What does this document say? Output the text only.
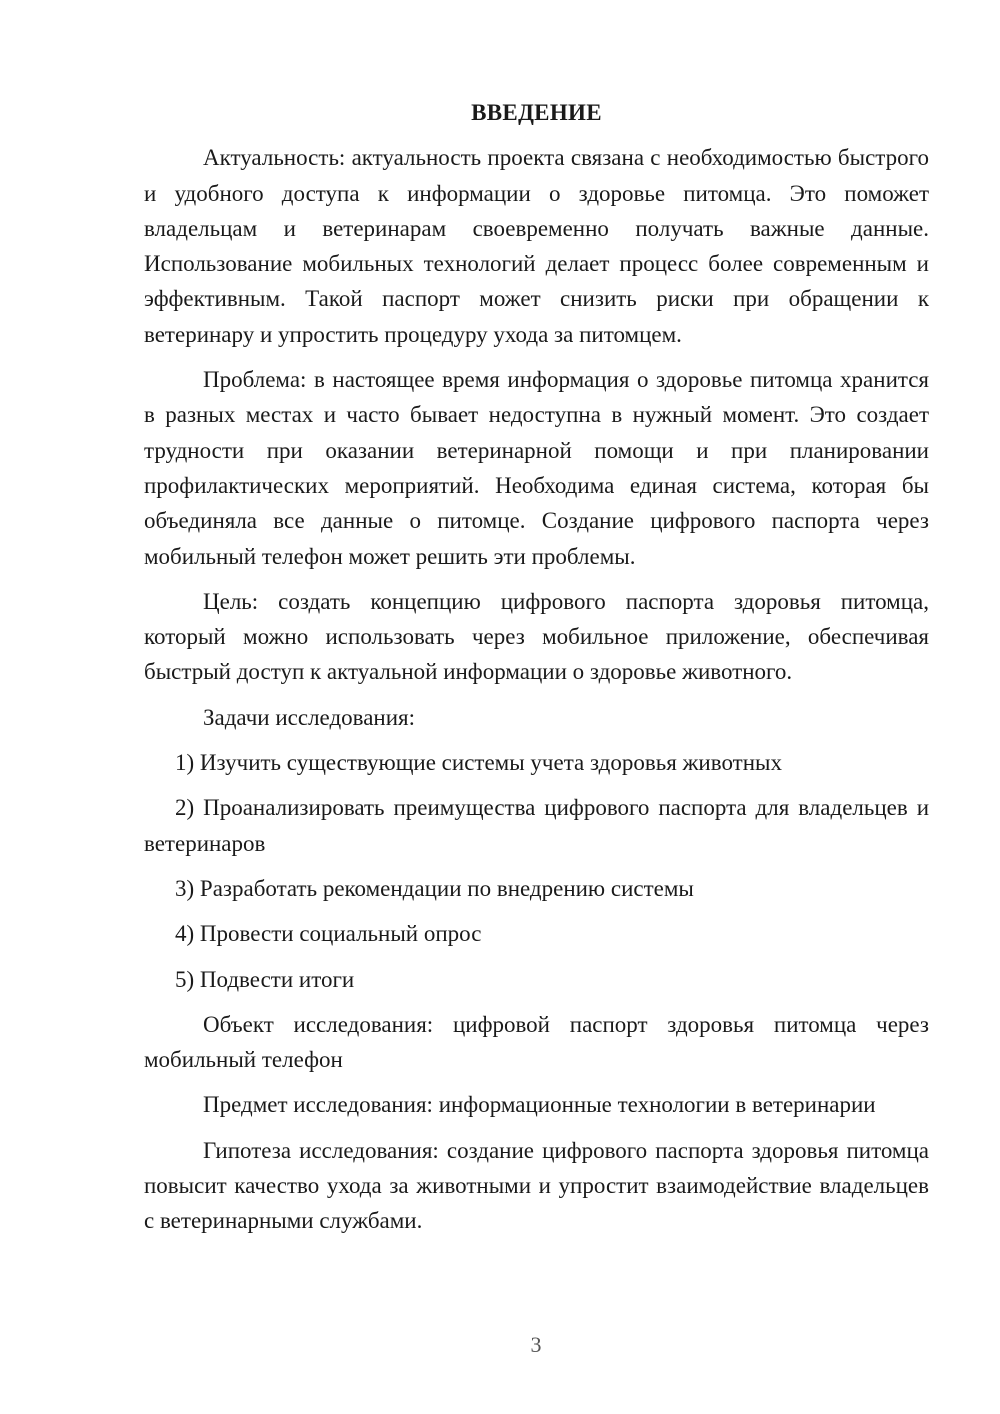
ВВЕДЕНИЕ

Актуальность: актуальность проекта связана с необходимостью быстрого и удобного доступа к информации о здоровье питомца. Это поможет владельцам и ветеринарам своевременно получать важные данные. Использование мобильных технологий делает процесс более современным и эффективным. Такой паспорт может снизить риски при обращении к ветеринару и упростить процедуру ухода за питомцем.

Проблема: в настоящее время информация о здоровье питомца хранится в разных местах и часто бывает недоступна в нужный момент. Это создает трудности при оказании ветеринарной помощи и при планировании профилактических мероприятий. Необходима единая система, которая бы объединяла все данные о питомце. Создание цифрового паспорта через мобильный телефон может решить эти проблемы.

Цель: создать концепцию цифрового паспорта здоровья питомца, который можно использовать через мобильное приложение, обеспечивая быстрый доступ к актуальной информации о здоровье животного.

Задачи исследования:

1) Изучить существующие системы учета здоровья животных

2) Проанализировать преимущества цифрового паспорта для владельцев и ветеринаров

3) Разработать рекомендации по внедрению системы

4) Провести социальный опрос

5) Подвести итоги

Объект исследования: цифровой паспорт здоровья питомца через мобильный телефон

Предмет исследования: информационные технологии в ветеринарии

Гипотеза исследования: создание цифрового паспорта здоровья питомца повысит качество ухода за животными и упростит взаимодействие владельцев с ветеринарными службами.

3
